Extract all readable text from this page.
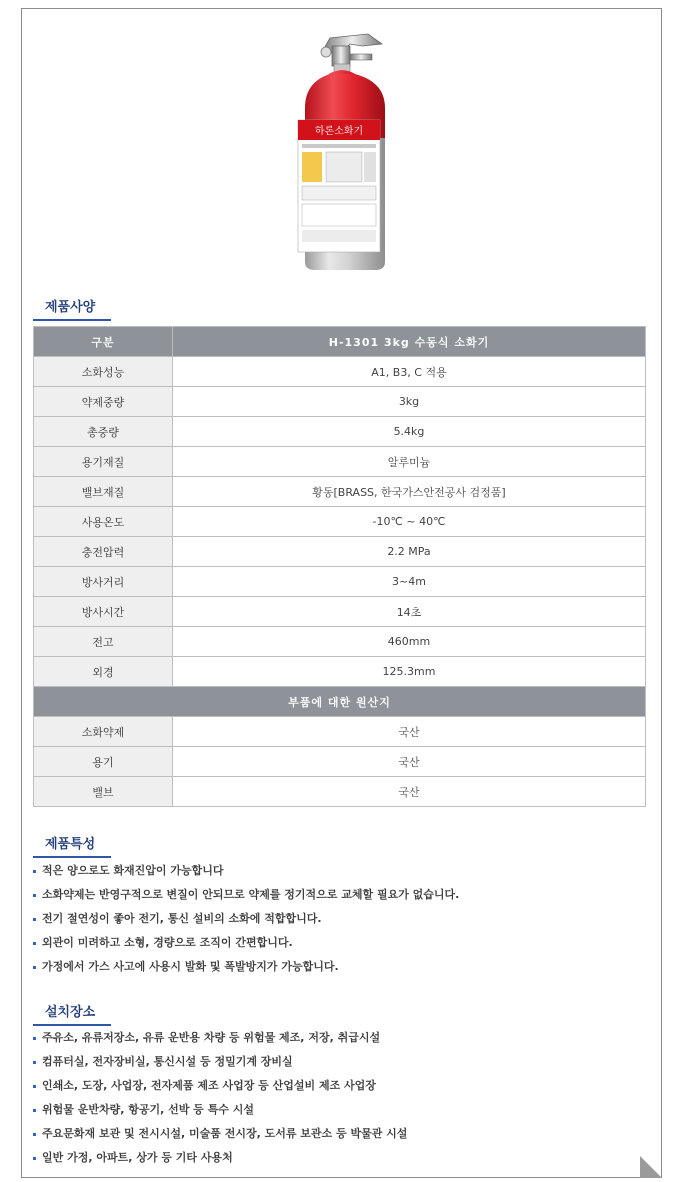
하론소화기
제품사양
구분	H-1301 3kg 수동식 소화기
소화성능	A1, B3, C 적용
약제중량	3kg
총중량	5.4kg
용기재질	알루미늄
밸브재질	황동[BRASS, 한국가스안전공사 검정품]
사용온도	-10℃ ~ 40℃
충전압력	2.2 MPa
방사거리	3~4m
방사시간	14초
전고	460mm
외경	125.3mm
부품에 대한 원산지	
소화약제	국산
용기	국산
밸브	국산
제품특성
적은 양으로도 화재진압이 가능합니다
소화약제는 반영구적으로 변질이 안되므로 약제를 정기적으로 교체할 필요가 없습니다.
전기 절연성이 좋아 전기, 통신 설비의 소화에 적합합니다.
외관이 미려하고 소형, 경량으로 조직이 간편합니다.
가정에서 가스 사고에 사용시 발화 및 폭발방지가 가능합니다.
설치장소
주유소, 유류저장소, 유류 운반용 차량 등 위험물 제조, 저장, 취급시설
컴퓨터실, 전자장비실, 통신시설 등 정밀기계 장비실
인쇄소, 도장, 사업장, 전자제품 제조 사업장 등 산업설비 제조 사업장
위험물 운반차량, 항공기, 선박 등 특수 시설
주요문화재 보관 및 전시시설, 미술품 전시장, 도서류 보관소 등 박물관 시설
일반 가정, 아파트, 상가 등 기타 사용처
